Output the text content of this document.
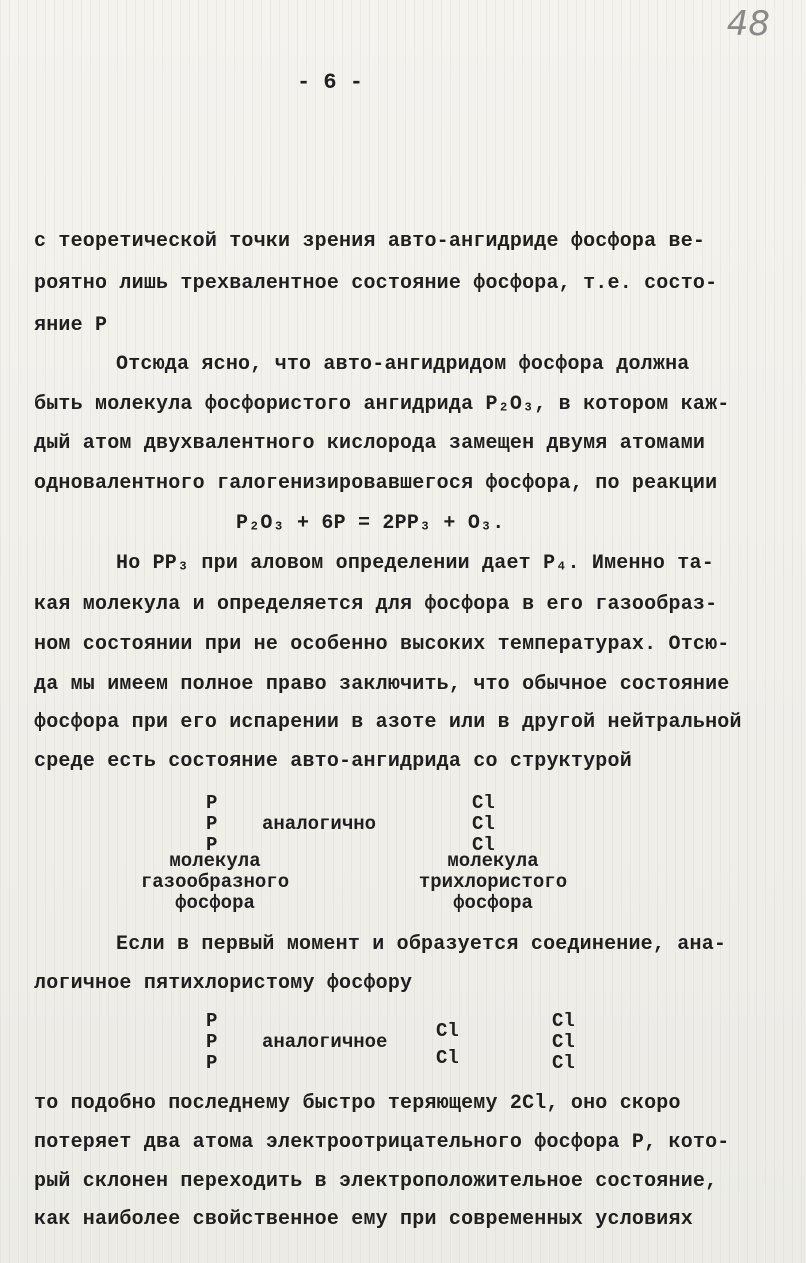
48
- 6 -
с теоретической точки зрения авто-ангидриде фосфора ве-
роятно лишь трехвалентное состояние фосфора, т.е. состо-
яние Р
Отсюда ясно, что авто-ангидридом фосфора должна
быть молекула фосфористого ангидрида P₂O₃, в котором каж-
дый атом двухвалентного кислорода замещен двумя атомами
одновалентного галогенизировавшегося фосфора, по реакции
P₂O₃ + 6P = 2PP₃ + O₃.
Но PP₃ при аловом определении дает P₄. Именно та-
кая молекула и определяется для фосфора в его газообраз-
ном состоянии при не особенно высоких температурах. Отсю-
да мы имеем полное право заключить, что обычное состояние
фосфора при его испарении в азоте или в другой нейтральной
среде есть состояние авто-ангидрида со структурой
P
P
P
аналогично
Cl
Cl
Cl
молекула
газообразного
фосфора
молекула
трихлористого
фосфора
Если в первый момент и образуется соединение, ана-
логичное пятихлористому фосфору
P
P
P
аналогичное	Cl
Cl
Cl
Cl
Cl
то подобно последнему быстро теряющему 2Cl, оно скоро
потеряет два атома электроотрицательного фосфора Р, кото-
рый склонен переходить в электроположительное состояние,
как наиболее свойственное ему при современных условиях
